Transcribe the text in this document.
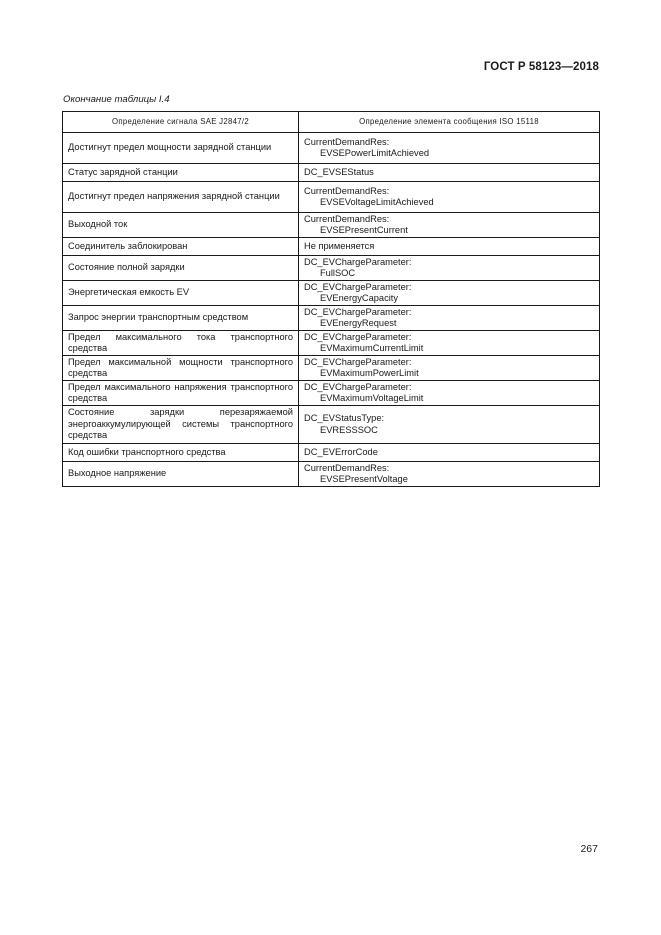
ГОСТ Р 58123—2018
Окончание таблицы I.4
Определение сигнала SAE J2847/2	Определение элемента сообщения ISO 15118
Достигнут предел мощности зарядной станции	CurrentDemandRes:
EVSEPowerLimitAchieved

Статус зарядной станции	DC_EVSEStatus

Достигнут предел напряжения зарядной станции	CurrentDemandRes:
EVSEVoltageLimitAchieved

Выходной ток	CurrentDemandRes:
EVSEPresentCurrent

Соединитель заблокирован	Не применяется

Состояние полной зарядки	DC_EVChargeParameter:
FullSOC

Энергетическая емкость EV	DC_EVChargeParameter:
EVEnergyCapacity

Запрос энергии транспортным средством	DC_EVChargeParameter:
EVEnergyRequest

Предел максимального тока транспортного средства	DC_EVChargeParameter:
EVMaximumCurrentLimit

Предел максимальной мощности транспортного средства	DC_EVChargeParameter:
EVMaximumPowerLimit

Предел максимального напряжения транспортного средства	DC_EVChargeParameter:
EVMaximumVoltageLimit

Состояние зарядки перезаряжаемой энергоаккумулирующей системы транспортного средства	DC_EVStatusType:
EVRESSSOC

Код ошибки транспортного средства	DC_EVErrorCode

Выходное напряжение	CurrentDemandRes:
EVSEPresentVoltage
267
